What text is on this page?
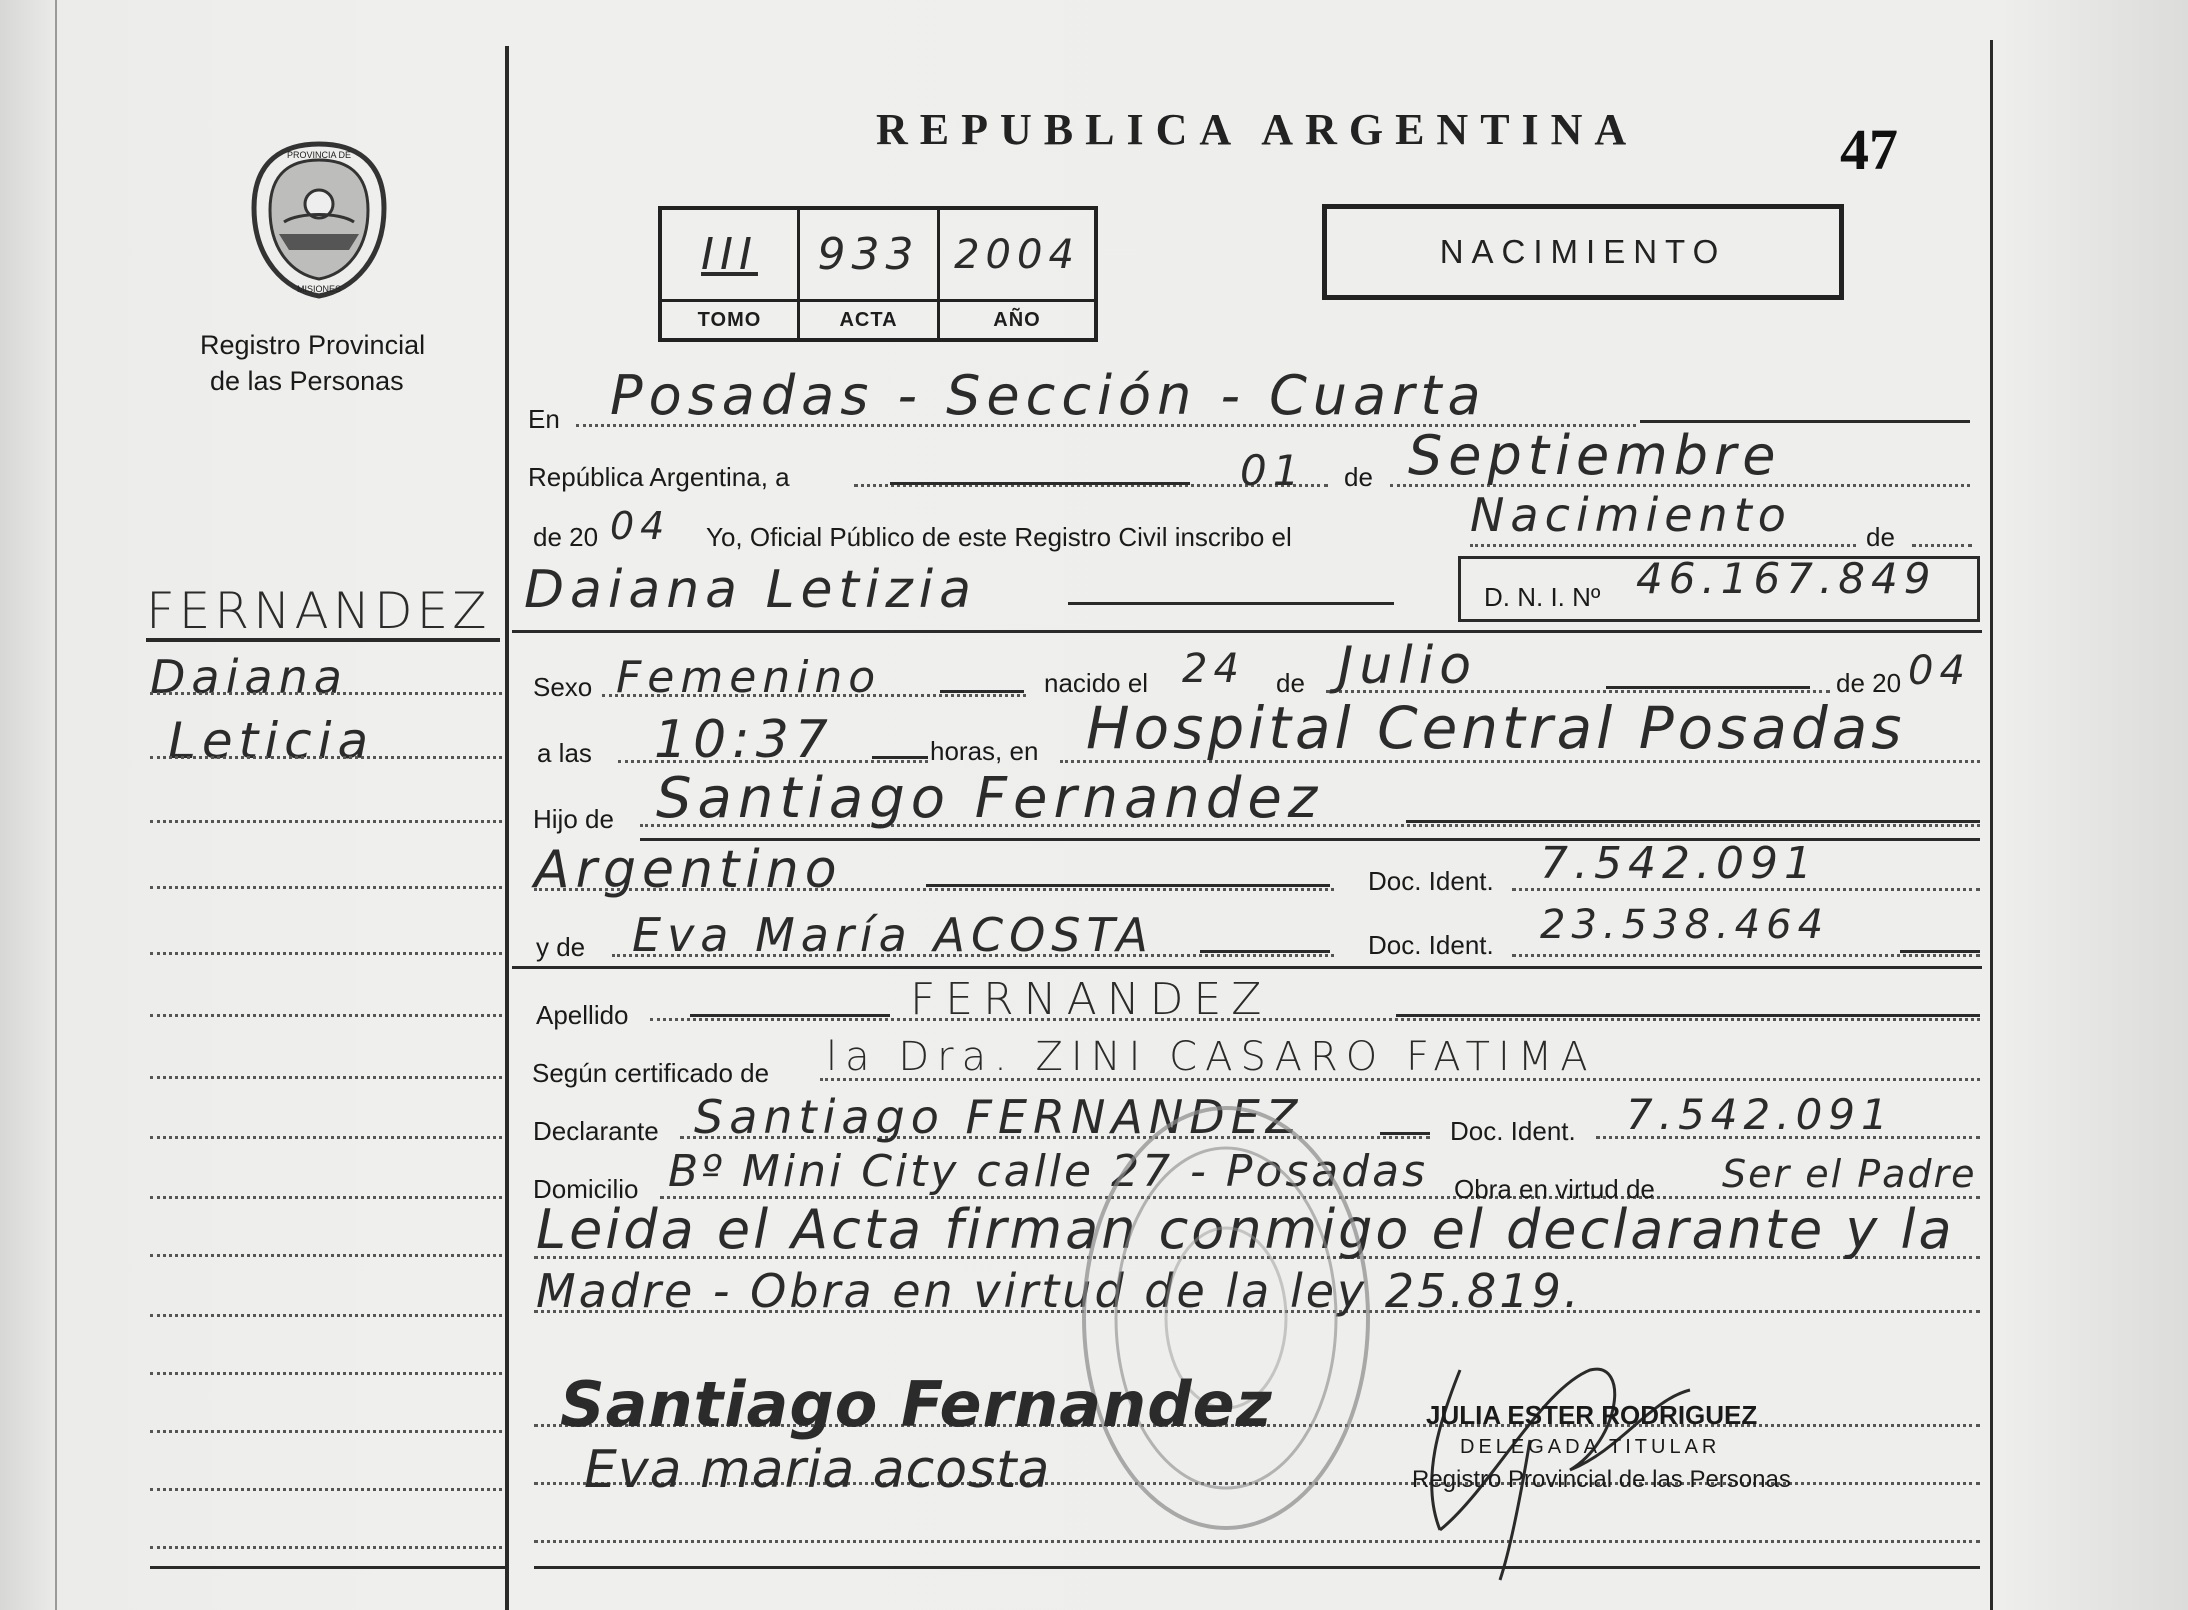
PROVINCIA DE
MISIONES
Registro Provincial
de las Personas
REPUBLICA ARGENTINA	47
NACIMIENTO
III	933 2004
TOMO	ACTA	AÑO
FERNANDEZ
Daiana
Leticia
En Posadas - Sección - Cuarta
República Argentina, a	01 de Septiembre
de 20 04 Yo, Oficial Público de este Registro Civil inscribo el	Nacimiento	de
Daiana Letizia	D. N. I. Nº 46.167.849
Sexo Femenino	nacido el 24 de Julio	de 20 04
a las 10:37	horas, en Hospital Central Posadas
Hijo de Santiago Fernandez
Argentino	Doc. Ident. 7.542.091
y de Eva María ACOSTA	Doc. Ident. 23.538.464
Apellido	FERNANDEZ
Según certificado de la Dra. ZINI CASARO FATIMA
Declarante Santiago FERNANDEZ	Doc. Ident. 7.542.091
Domicilio Bº Mini City calle 27 - Posadas Obra en virtud de Ser el Padre
Leida el Acta firman conmigo el declarante y la
Madre - Obra en virtud de la ley 25.819.
Santiago Fernandez
Eva maria acosta
JULIA ESTER RODRIGUEZ
DELEGADA TITULAR
Registro Provincial de las Personas
